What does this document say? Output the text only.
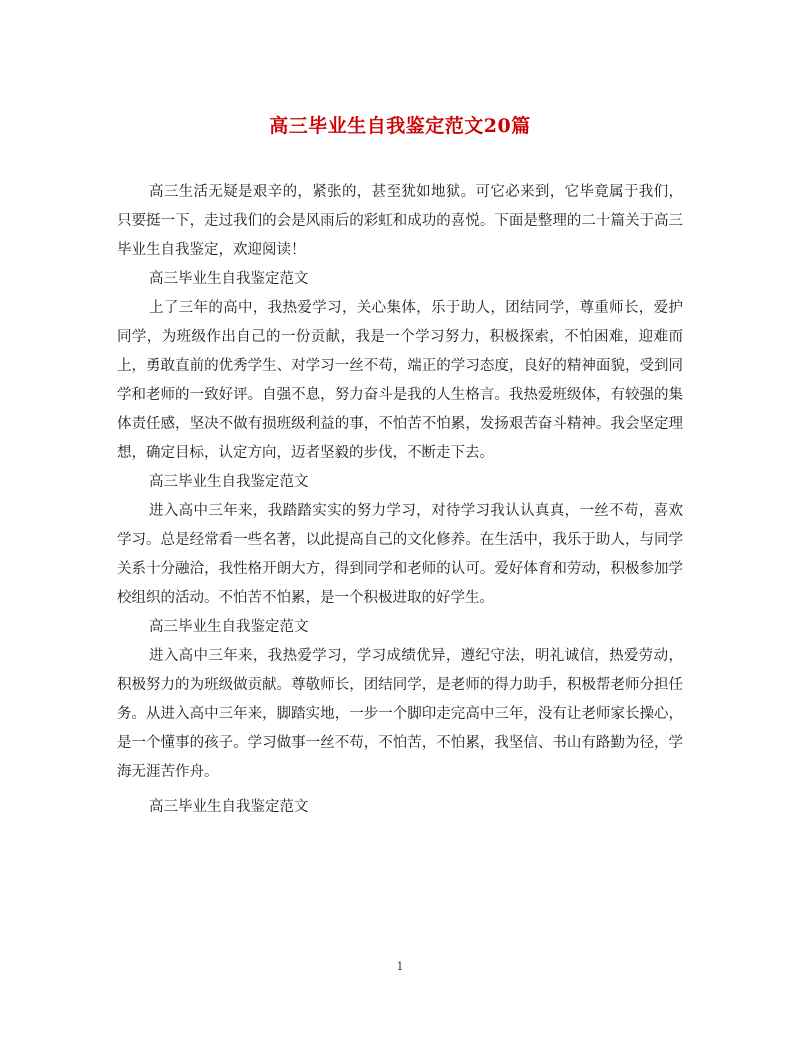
高三毕业生自我鉴定范文20篇

高三生活无疑是艰辛的，紧张的，甚至犹如地狱。可它必来到，它毕竟属于我们，只要挺一下，走过我们的会是风雨后的彩虹和成功的喜悦。下面是整理的二十篇关于高三毕业生自我鉴定，欢迎阅读！

高三毕业生自我鉴定范文

上了三年的高中，我热爱学习，关心集体，乐于助人，团结同学，尊重师长，爱护同学，为班级作出自己的一份贡献，我是一个学习努力，积极探索，不怕困难，迎难而上，勇敢直前的优秀学生、对学习一丝不苟，端正的学习态度，良好的精神面貌，受到同学和老师的一致好评。自强不息，努力奋斗是我的人生格言。我热爱班级体，有较强的集体责任感，坚决不做有损班级利益的事，不怕苦不怕累，发扬艰苦奋斗精神。我会坚定理想，确定目标，认定方向，迈者坚毅的步伐，不断走下去。

高三毕业生自我鉴定范文

进入高中三年来，我踏踏实实的努力学习，对待学习我认认真真，一丝不苟，喜欢学习。总是经常看一些名著，以此提高自己的文化修养。在生活中，我乐于助人，与同学关系十分融洽，我性格开朗大方，得到同学和老师的认可。爱好体育和劳动，积极参加学校组织的活动。不怕苦不怕累，是一个积极进取的好学生。

高三毕业生自我鉴定范文

进入高中三年来，我热爱学习，学习成绩优异，遵纪守法，明礼诚信，热爱劳动，积极努力的为班级做贡献。尊敬师长，团结同学，是老师的得力助手，积极帮老师分担任务。从进入高中三年来，脚踏实地，一步一个脚印走完高中三年，没有让老师家长操心，是一个懂事的孩子。学习做事一丝不苟，不怕苦，不怕累，我坚信、书山有路勤为径，学海无涯苦作舟。

高三毕业生自我鉴定范文

1
